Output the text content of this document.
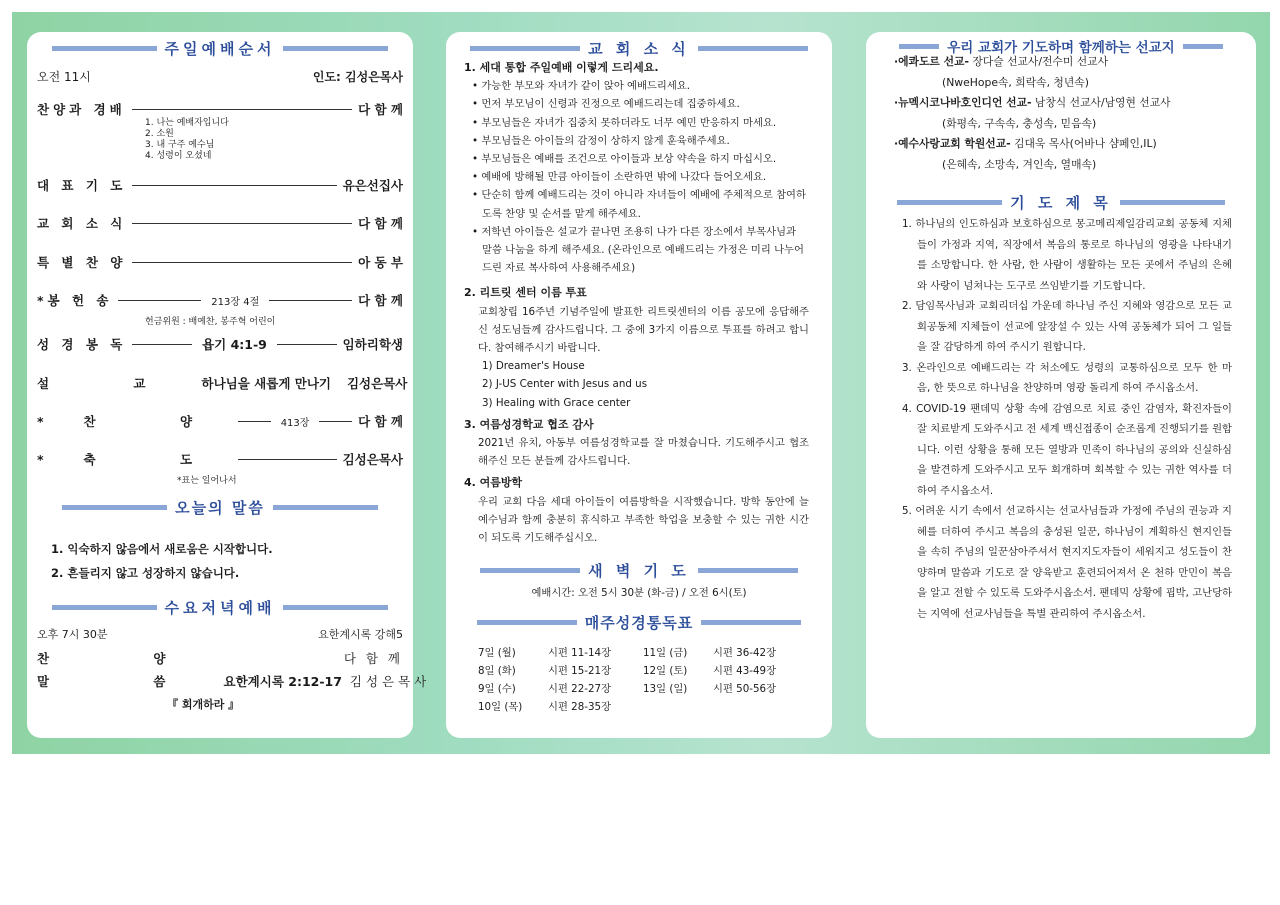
주일예배순서
오전 11시	인도: 김성은목사
찬양과 경배	다 함 께
1. 나는 예배자입니다
2. 소원
3. 내 구주 예수님
4. 성령이 오셨네
대 표 기 도	유은선집사
교 회 소 식	다 함 께
특 별 찬 양	아 동 부
*봉 헌 송	213장 4절	다 함 께
헌금위원 : 배예찬, 봉주혁 어린이
성 경 봉 독	욥기 4:1-9	임하리학생
설 교 하나님을 새롭게 만나기 김성은목사
*찬 양	413장	다 함 께
*축 도	김성은목사
*표는 일어나서
오늘의 말씀
1. 익숙하지 않음에서 새로움은 시작합니다.
2. 흔들리지 않고 성장하지 않습니다.
수요저녁예배
오후 7시 30분	요한계시록 강해5
찬 양	다 함 께
말 씀 요한계시록 2:12-17 김 성 은 목 사
『 회개하라 』
교 회 소 식
1. 세대 통합 주일예배 이렇게 드리세요.
• 가능한 부모와 자녀가 같이 앉아 예배드리세요.
• 먼저 부모님이 신령과 진정으로 예배드리는데 집중하세요.
• 부모님들은 자녀가 집중치 못하더라도 너무 예민 반응하지 마세요.
• 부모님들은 아이들의 감정이 상하지 않게 훈육해주세요.
• 부모님들은 예배를 조건으로 아이들과 보상 약속을 하지 마십시오.
• 예배에 방해될 만큼 아이들이 소란하면 밖에 나갔다 들어오세요.
• 단순히 함께 예배드리는 것이 아니라 자녀들이 예배에 주체적으로 참여하도록 찬양 및 순서를 맡게 해주세요.
• 저학년 아이들은 설교가 끝나면 조용히 나가 다른 장소에서 부목사님과 말씀 나눔을 하게 해주세요. (온라인으로 예배드리는 가정은 미리 나누어드린 자료 복사하여 사용해주세요)
2. 리트릿 센터 이름 투표
교회창립 16주년 기념주일에 발표한 리트릿센터의 이름 공모에 응답해주신 성도님들께 감사드립니다. 그 중에 3가지 이름으로 투표를 하려고 합니다. 참여해주시기 바랍니다.
1) Dreamer's House
2) J-US Center with Jesus and us
3) Healing with Grace center
3. 여름성경학교 협조 감사
2021년 유치, 아동부 여름성경학교를 잘 마쳤습니다. 기도해주시고 협조해주신 모든 분들께 감사드립니다.
4. 여름방학
우리 교회 다음 세대 아이들이 여름방학을 시작했습니다. 방학 동안에 늘 예수님과 함께 충분히 휴식하고 부족한 학업을 보충할 수 있는 귀한 시간이 되도록 기도해주십시오.
새 벽 기 도
예배시간: 오전 5시 30분 (화-금) / 오전 6시(토)
매주성경통독표
7일 (월)	시편 11-14장	11일 (금)	시편 36-42장
8일 (화)	시편 15-21장	12일 (토)	시편 43-49장
9일 (수)	시편 22-27장	13일 (일)	시편 50-56장
10일 (목)	시편 28-35장
우리 교회가 기도하며 함께하는 선교지
·에콰도르 선교- 장다슬 선교사/전수미 선교사
(NweHope속, 희락속, 청년속)
·뉴멕시코나바호인디언 선교- 남창식 선교사/남영현 선교사
(화평속, 구속속, 충성속, 믿음속)
·예수사랑교회 학원선교- 김대욱 목사(어바나 샴페인,IL)
(은혜속, 소망속, 겨인속, 열매속)
기 도 제 목
1. 하나님의 인도하심과 보호하심으로 몽고메리제일감리교회 공동체 지체들이 가정과 지역, 직장에서 복음의 통로로 하나님의 영광을 나타내기를 소망합니다. 한 사람, 한 사람이 생활하는 모든 곳에서 주님의 은혜와 사랑이 넘쳐나는 도구로 쓰임받기를 기도합니다.
2. 담임목사님과 교회리더십 가운데 하나님 주신 지혜와 영감으로 모든 교회공동체 지체들이 선교에 앞장설 수 있는 사역 공동체가 되어 그 일들을 잘 감당하게 하여 주시기 원합니다.
3. 온라인으로 예배드리는 각 처소에도 성령의 교통하심으로 모두 한 마음, 한 뜻으로 하나님을 찬양하며 영광 돌리게 하여 주시옵소서.
4. COVID-19 팬데믹 상황 속에 감염으로 치료 중인 감염자, 확진자들이 잘 치료받게 도와주시고 전 세계 백신접종이 순조롭게 진행되기를 원합니다. 이런 상황을 통해 모든 열방과 민족이 하나님의 공의와 신실하심을 발견하게 도와주시고 모두 회개하며 회복할 수 있는 귀한 역사를 더하여 주시옵소서.
5. 어려운 시기 속에서 선교하시는 선교사님들과 가정에 주님의 권능과 지혜를 더하여 주시고 복음의 충성된 일꾼, 하나님이 계획하신 현지인들을 속히 주님의 일꾼삼아주셔서 현지지도자들이 세워지고 성도들이 찬양하며 말씀과 기도로 잘 양육받고 훈련되어져서 온 천하 만민이 복음을 알고 전할 수 있도록 도와주시옵소서. 팬데믹 상황에 핍박, 고난당하는 지역에 선교사님들을 특별 관리하여 주시옵소서.
